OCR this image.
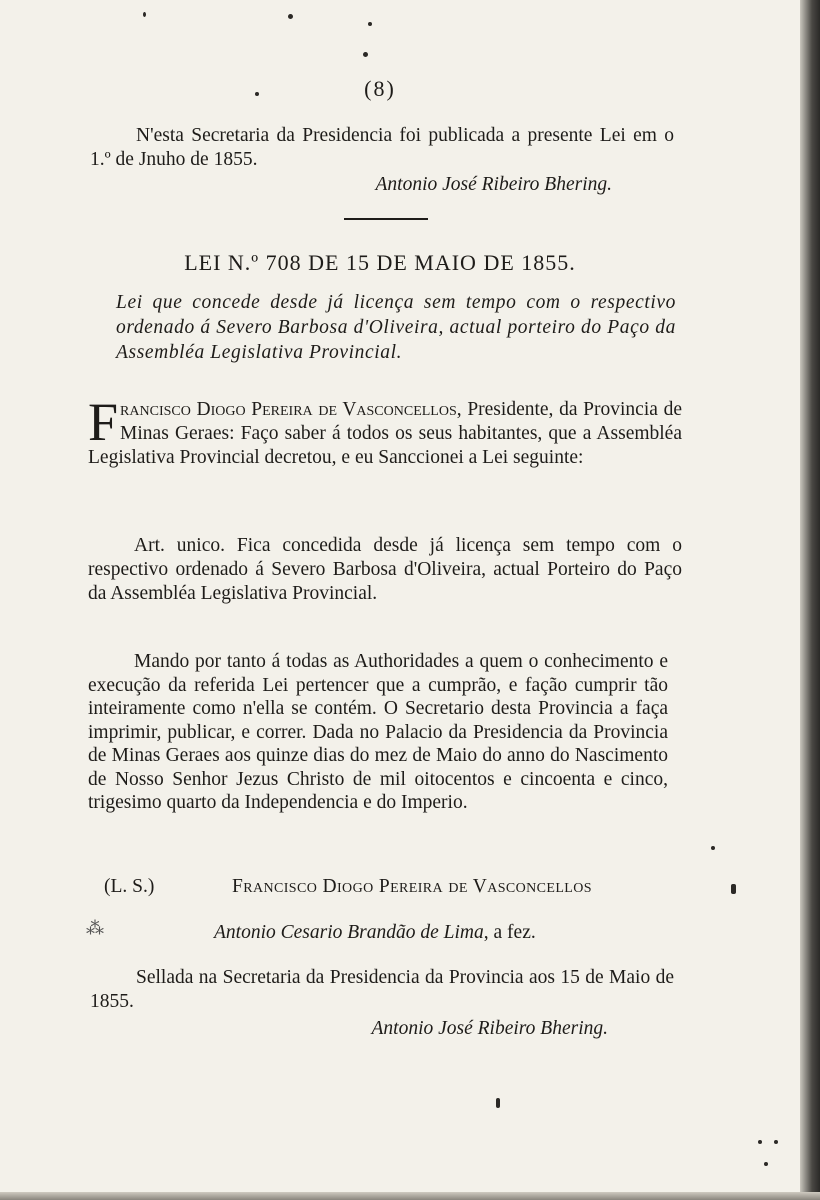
(8)
N'esta Secretaria da Presidencia foi publicada a presente Lei em o 1.º de Jnuho de 1855.
Antonio José Ribeiro Bhering.
LEI N.º 708 DE 15 DE MAIO DE 1855.
Lei que concede desde já licença sem tempo com o respectivo ordenado á Severo Barbosa d'Oliveira, actual porteiro do Paço da Assembléa Legislativa Provincial.
Francisco Diogo Pereira de Vasconcellos, Presidente, da Provincia de Minas Geraes: Faço saber á todos os seus habitantes, que a Assembléa Legislativa Provincial decretou, e eu Sanccionei a Lei seguinte:
Art. unico. Fica concedida desde já licença sem tempo com o respectivo ordenado á Severo Barbosa d'Oliveira, actual Porteiro do Paço da Assembléa Legislativa Provincial.
Mando por tanto á todas as Authoridades a quem o conhecimento e execução da referida Lei pertencer que a cumprão, e fação cumprir tão inteiramente como n'ella se contém. O Secretario desta Provincia a faça imprimir, publicar, e correr. Dada no Palacio da Presidencia da Provincia de Minas Geraes aos quinze dias do mez de Maio do anno do Nascimento de Nosso Senhor Jezus Christo de mil oitocentos e cincoenta e cinco, trigesimo quarto da Independencia e do Imperio.
(L. S.)	Francisco Diogo Pereira de Vasconcellos
⁂	Antonio Cesario Brandão de Lima, a fez.
Sellada na Secretaria da Presidencia da Provincia aos 15 de Maio de 1855.
Antonio José Ribeiro Bhering.
